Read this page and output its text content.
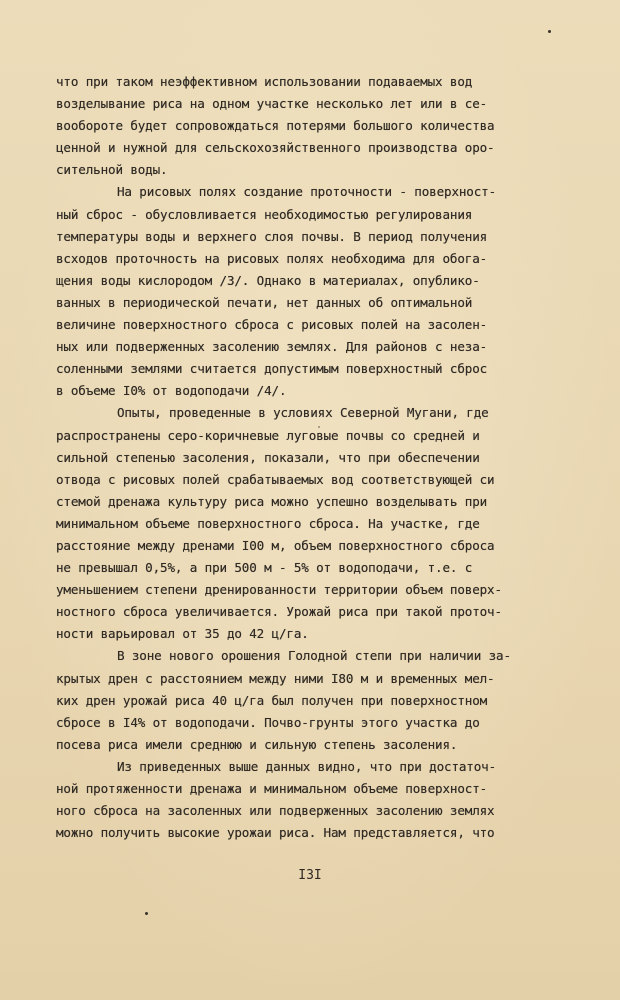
что при таком неэффективном использовании подаваемых вод
возделывание риса на одном участке несколько лет или в се-
вообороте будет сопровождаться потерями большого количества
ценной и нужной для сельскохозяйственного производства оро-
сительной воды.
На рисовых полях создание проточности - поверхност-
ный сброс - обусловливается необходимостью регулирования
температуры воды и верхнего слоя почвы. В период получения
всходов проточность на рисовых полях необходима для обога-
щения воды кислородом /3/. Однако в материалах, опублико-
ванных в периодической печати, нет данных об оптимальной
величине поверхностного сброса с рисовых полей на засолен-
ных или подверженных засолению землях. Для районов с неза-
соленными землями считается допустимым поверхностный сброс
в объеме I0% от водоподачи /4/.
Опыты, проведенные в условиях Северной Мугани, где
распространены серо-коричневые луговые почвы со средней и
сильной степенью засоления, показали, что при обеспечении
отвода с рисовых полей срабатываемых вод соответствующей си
стемой дренажа культуру риса можно успешно возделывать при
минимальном объеме поверхностного сброса. На участке, где
расстояние между дренами I00 м, объем поверхностного сброса
не превышал 0,5%, а при 500 м - 5% от водоподачи, т.е. с
уменьшением степени дренированности территории объем поверх-
ностного сброса увеличивается. Урожай риса при такой проточ-
ности варьировал от 35 до 42 ц/га.
В зоне нового орошения Голодной степи при наличии за-
крытых дрен с расстоянием между ними I80 м и временных мел-
ких дрен урожай риса 40 ц/га был получен при поверхностном
сбросе в I4% от водоподачи. Почво-грунты этого участка до
посева риса имели среднюю и сильную степень засоления.
Из приведенных выше данных видно, что при достаточ-
ной протяженности дренажа и минимальном объеме поверхност-
ного сброса на засоленных или подверженных засолению землях
можно получить высокие урожаи риса. Нам представляется, что
I3I
